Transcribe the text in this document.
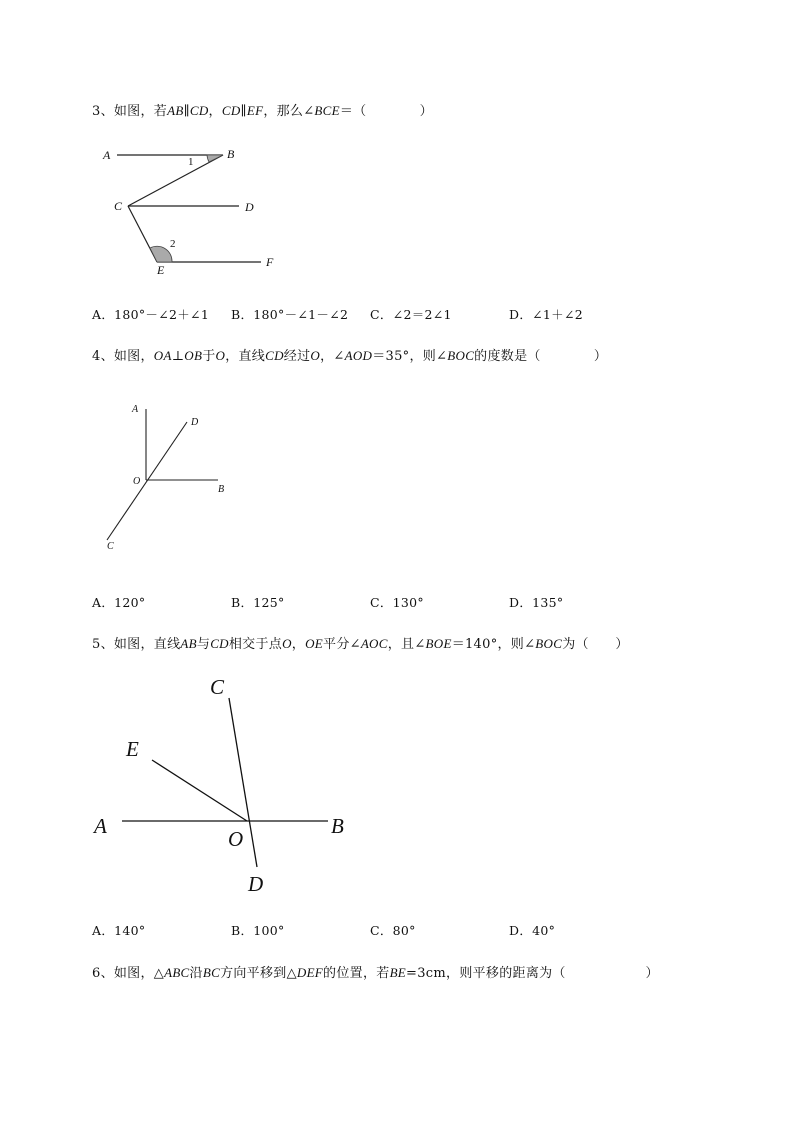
3、如图，若AB∥CD，CD∥EF，那么∠BCE＝（　　　　）
A	B
C	D
E
F
1
2
A．180°－∠2＋∠1 B．180°－∠1－∠2 C．∠2＝2∠1	D．∠1＋∠2
4、如图，OA⊥OB于O，直线CD经过O，∠AOD＝35°，则∠BOC的度数是（　　　　）
A
D
O
B
C
A．120°	B．125°	C．130°	D．135°
5、如图，直线AB与CD相交于点O，OE平分∠AOC，且∠BOE＝140°，则∠BOC为（　　）
C
E
A
O
B
D
A．140°	B．100°	C．80°	D．40°
6、如图，△ABC沿BC方向平移到△DEF的位置，若BE=3cm，则平移的距离为（　　　　　　）
